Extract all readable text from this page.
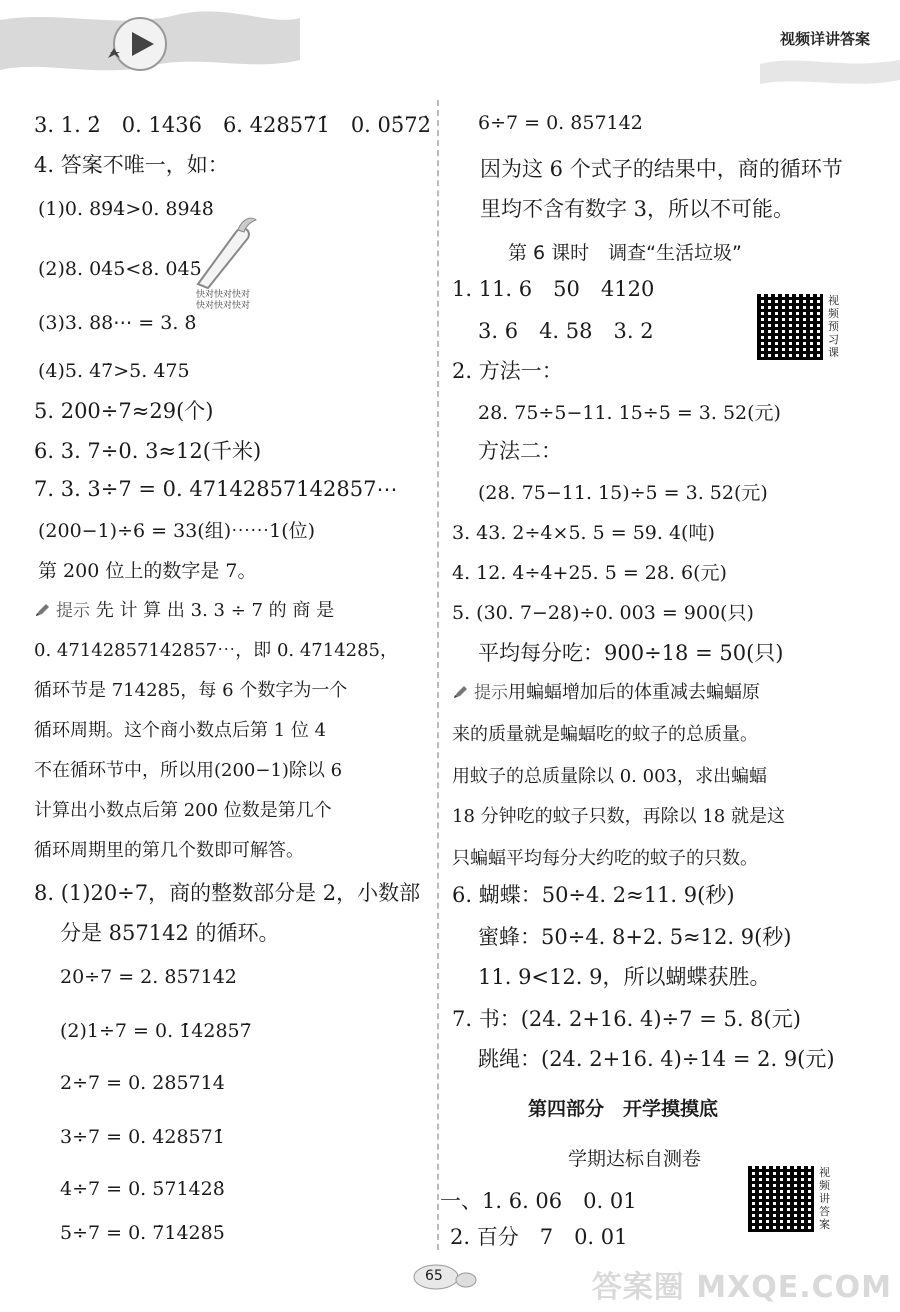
视频详讲答案
3. 1. 2̇　0. 14̇36̇　6. 42857̇1̇　0. 05̇72̇
4. 答案不唯一，如：
(1)0. 89̇4̇>0. 894̇8̇
(2)8. 04̇5̇<8. 04̇5̇
(3)3. 88⋯ = 3. 8̇
(4)5. 4̇7̇>5. 475
5. 200÷7≈29(个)
6. 3. 7÷0. 3≈12(千米)
7. 3. 3÷7 = 0. 47142857142857⋯
(200−1)÷6 = 33(组)⋯⋯1(位)
第 200 位上的数字是 7。
提示 先 计 算 出 3. 3 ÷ 7 的 商 是
0. 47142857142857⋯，即 0. 47̇14285̇，
循环节是 714285，每 6 个数字为一个
循环周期。这个商小数点后第 1 位 4
不在循环节中，所以用(200−1)除以 6
计算出小数点后第 200 位数是第几个
循环周期里的第几个数即可解答。
8. (1)20÷7，商的整数部分是 2，小数部
分是 857142 的循环。
20÷7 = 2. 8̇57142̇
(2)1÷7 = 0. 1̇42857̇
2÷7 = 0. 2̇85714̇
3÷7 = 0. 4̇28571̇
4÷7 = 0. 5̇71428̇
5÷7 = 0. 7̇14285̇
快对快对快对
快对快对快对
6÷7 = 0. 8̇57142̇
因为这 6 个式子的结果中，商的循环节
里均不含有数字 3，所以不可能。
第 6 课时　调查“生活垃圾”
1. 11. 6　50　4120
3. 6　4. 58　3. 2
2. 方法一：
28. 75÷5−11. 15÷5 = 3. 52(元)
方法二：
(28. 75−11. 15)÷5 = 3. 52(元)
3. 43. 2÷4×5. 5 = 59. 4(吨)
4. 12. 4÷4+25. 5 = 28. 6(元)
5. (30. 7−28)÷0. 003 = 900(只)
平均每分吃：900÷18 = 50(只)
提示用蝙蝠增加后的体重减去蝙蝠原
来的质量就是蝙蝠吃的蚊子的总质量。
用蚊子的总质量除以 0. 003，求出蝙蝠
18 分钟吃的蚊子只数，再除以 18 就是这
只蝙蝠平均每分大约吃的蚊子的只数。
6. 蝴蝶：50÷4. 2≈11. 9(秒)
蜜蜂：50÷4. 8+2. 5≈12. 9(秒)
11. 9<12. 9，所以蝴蝶获胜。
7. 书：(24. 2+16. 4)÷7 = 5. 8(元)
跳绳：(24. 2+16. 4)÷14 = 2. 9(元)
第四部分　开学摸摸底
学期达标自测卷
一、1. 6. 06　0. 01
2. 百分　7　0. 01
视频预习课
视频讲答案
65	答案圈 MXQE.COM
